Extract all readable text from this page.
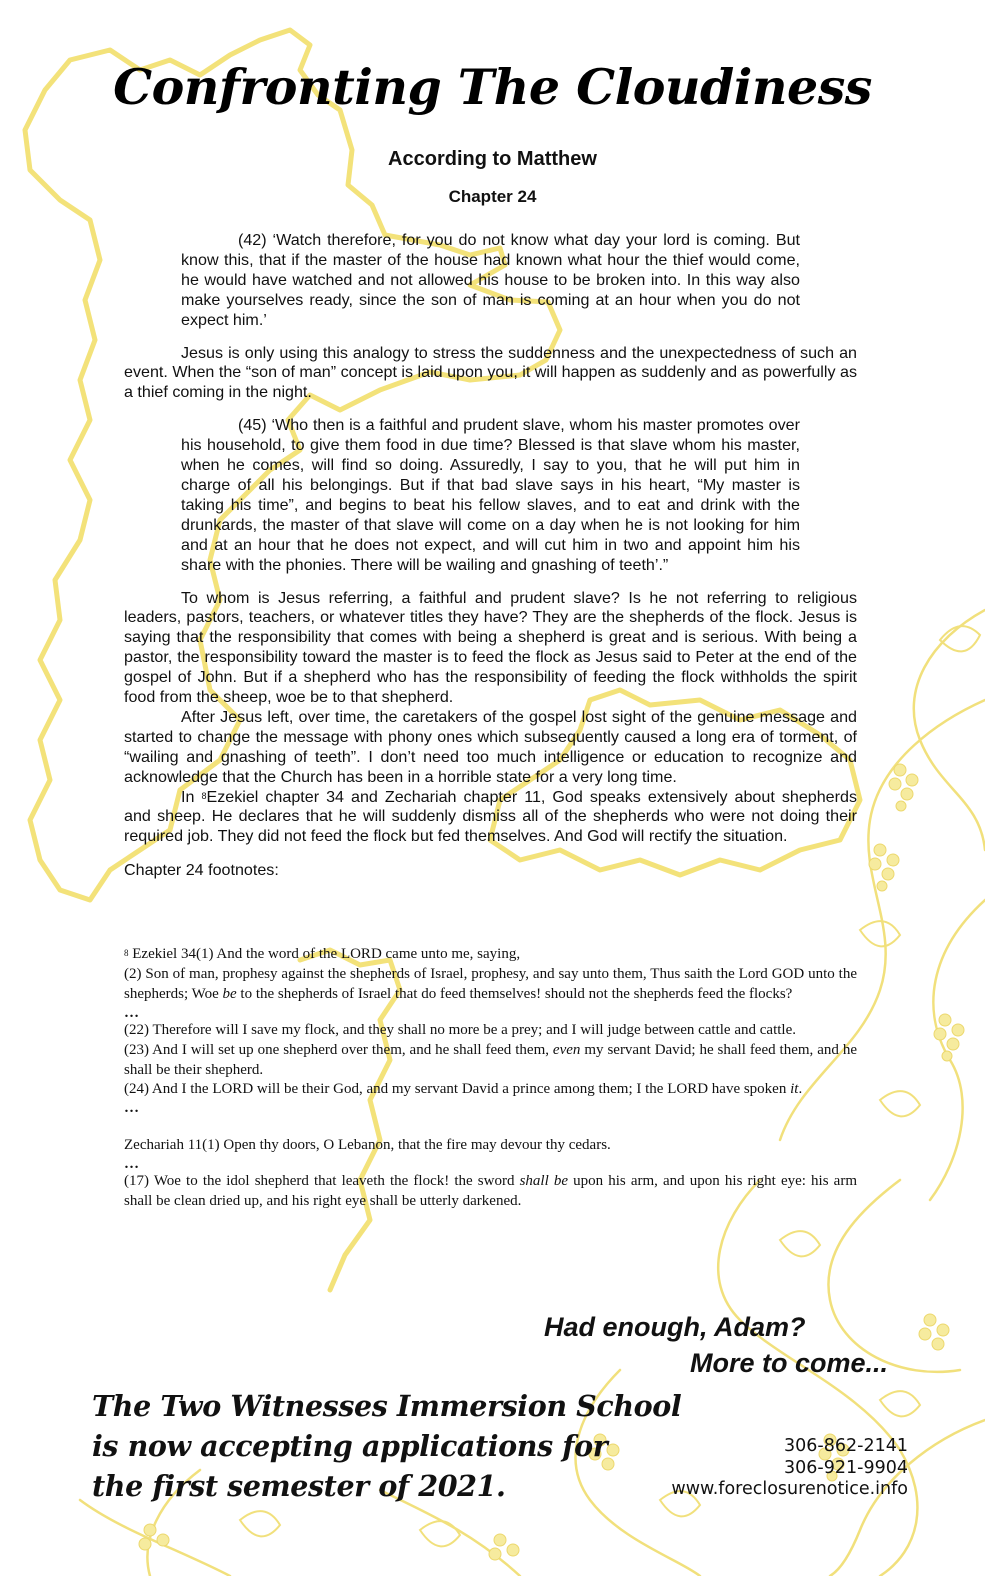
Confronting The Cloudiness
According to Matthew
Chapter 24

(42) ‘Watch therefore, for you do not know what day your lord is coming. But know this, that if the master of the house had known what hour the thief would come, he would have watched and not allowed his house to be broken into. In this way also make yourselves ready, since the son of man is coming at an hour when you do not expect him.’

Jesus is only using this analogy to stress the suddenness and the unexpectedness of such an event. When the “son of man” concept is laid upon you, it will happen as suddenly and as powerfully as a thief coming in the night.

(45) ‘Who then is a faithful and prudent slave, whom his master promotes over his household, to give them food in due time? Blessed is that slave whom his master, when he comes, will find so doing. Assuredly, I say to you, that he will put him in charge of all his belongings. But if that bad slave says in his heart, “My master is taking his time”, and begins to beat his fellow slaves, and to eat and drink with the drunkards, the master of that slave will come on a day when he is not looking for him and at an hour that he does not expect, and will cut him in two and appoint him his share with the phonies. There will be wailing and gnashing of teeth’.”

To whom is Jesus referring, a faithful and prudent slave? Is he not referring to religious leaders, pastors, teachers, or whatever titles they have? They are the shepherds of the flock. Jesus is saying that the responsibility that comes with being a shepherd is great and is serious. With being a pastor, the responsibility toward the master is to feed the flock as Jesus said to Peter at the end of the gospel of John. But if a shepherd who has the responsibility of feeding the flock withholds the spirit food from the sheep, woe be to that shepherd.

After Jesus left, over time, the caretakers of the gospel lost sight of the genuine message and started to change the message with phony ones which subsequently caused a long era of torment, of “wailing and gnashing of teeth”. I don’t need too much intelligence or education to recognize and acknowledge that the Church has been in a horrible state for a very long time.

In $^8$Ezekiel chapter 34 and Zechariah chapter 11, God speaks extensively about shepherds and sheep. He declares that he will suddenly dismiss all of the shepherds who were not doing their required job. They did not feed the flock but fed themselves. And God will rectify the situation.

Chapter 24 footnotes:

$^8$ Ezekiel 34(1) And the word of the LORD came unto me, saying,

(2) Son of man, prophesy against the shepherds of Israel, prophesy, and say unto them, Thus saith the Lord GOD unto the shepherds; Woe be to the shepherds of Israel that do feed themselves! should not the shepherds feed the flocks?

…

(22) Therefore will I save my flock, and they shall no more be a prey; and I will judge between cattle and cattle.

(23) And I will set up one shepherd over them, and he shall feed them, even my servant David; he shall feed them, and he shall be their shepherd.

(24) And I the LORD will be their God, and my servant David a prince among them; I the LORD have spoken it.

…

Zechariah 11(1) Open thy doors, O Lebanon, that the fire may devour thy cedars.

…

(17) Woe to the idol shepherd that leaveth the flock! the sword shall be upon his arm, and upon his right eye: his arm shall be clean dried up, and his right eye shall be utterly darkened.

Had enough, Adam?
More to come...
The Two Witnesses Immersion School
is now accepting applications for
the first semester of 2021.
306-862-2141
306-921-9904
www.foreclosurenotice.info
